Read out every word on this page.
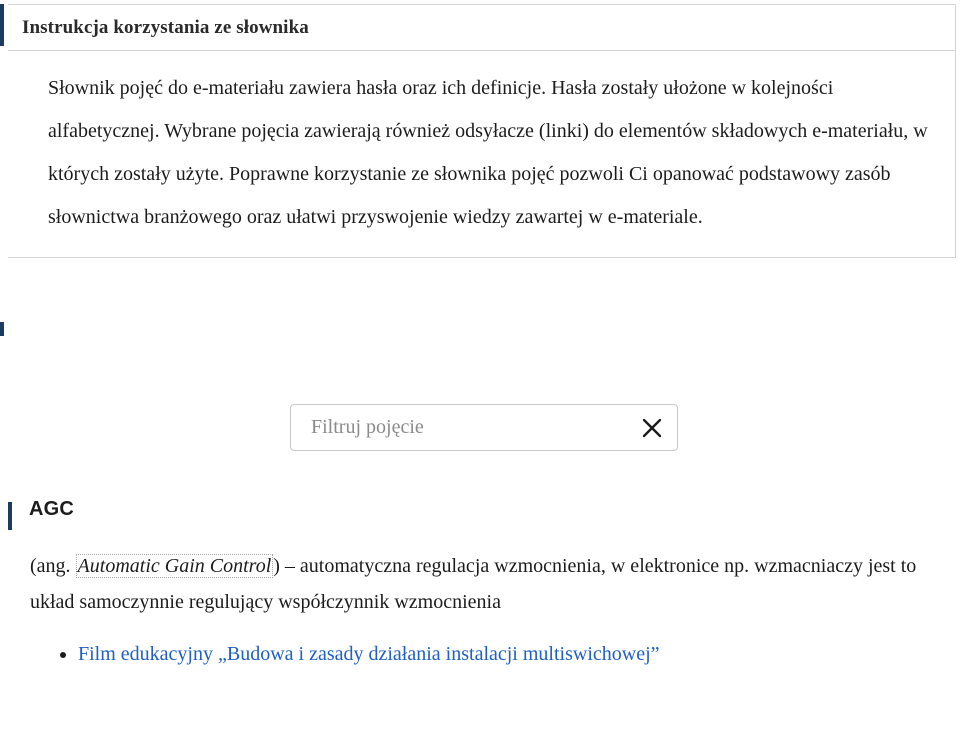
Instrukcja korzystania ze słownika
Słownik pojęć do e-materiału zawiera hasła oraz ich definicje. Hasła zostały ułożone w kolejności alfabetycznej. Wybrane pojęcia zawierają również odsyłacze (linki) do elementów składowych e-materiału, w których zostały użyte. Poprawne korzystanie ze słownika pojęć pozwoli Ci opanować podstawowy zasób słownictwa branżowego oraz ułatwi przyswojenie wiedzy zawartej w e-materiale.
Filtruj pojęcie
AGC
(ang. Automatic Gain Control ) – automatyczna regulacja wzmocnienia, w elektronice np. wzmacniaczy jest to układ samoczynnie regulujący współczynnik wzmocnienia
• Film edukacyjny „Budowa i zasady działania instalacji multiswichowej”
